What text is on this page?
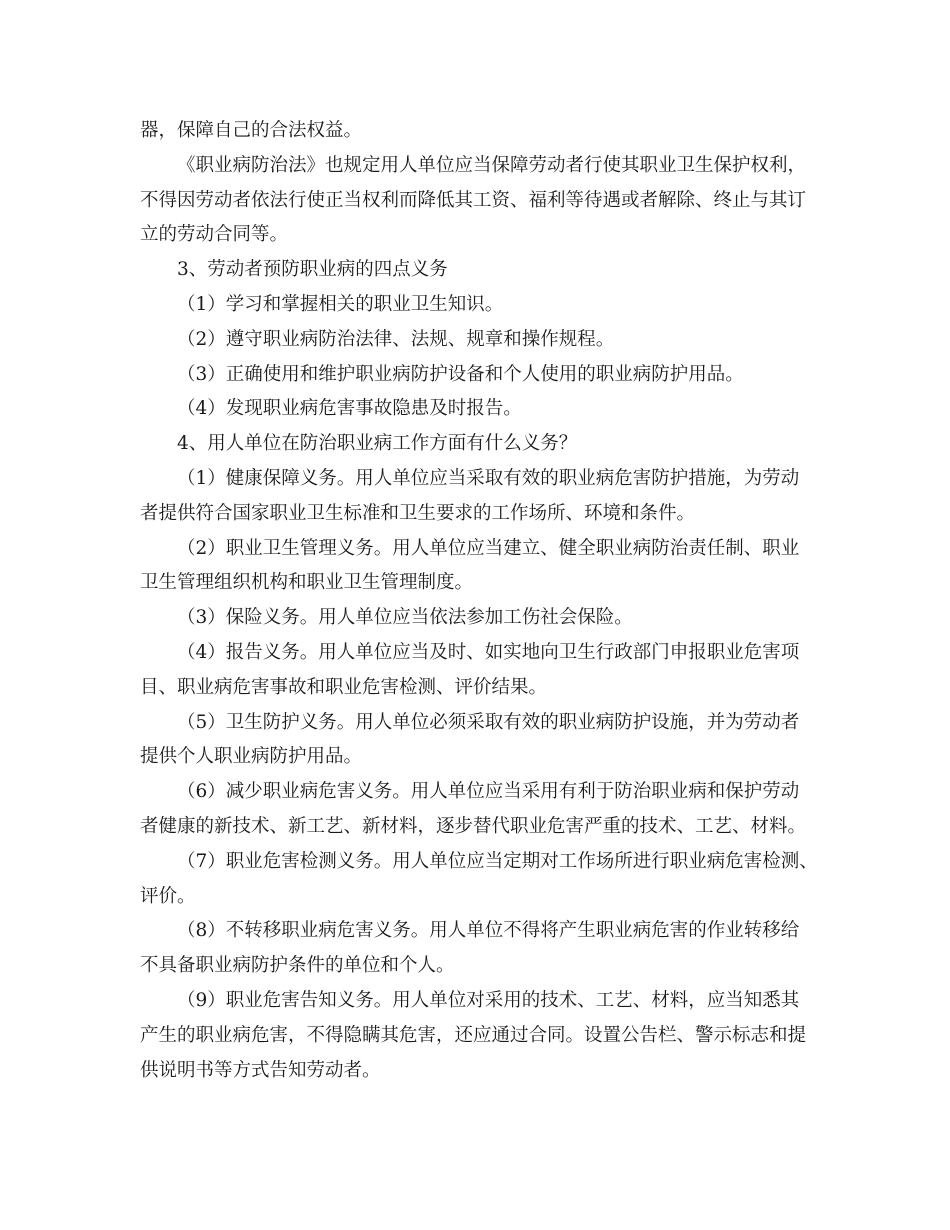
器，保障自己的合法权益。
《职业病防治法》也规定用人单位应当保障劳动者行使其职业卫生保护权利，
不得因劳动者依法行使正当权利而降低其工资、福利等待遇或者解除、终止与其订
立的劳动合同等。
3、劳动者预防职业病的四点义务
（1）学习和掌握相关的职业卫生知识。
（2）遵守职业病防治法律、法规、规章和操作规程。
（3）正确使用和维护职业病防护设备和个人使用的职业病防护用品。
（4）发现职业病危害事故隐患及时报告。
4、用人单位在防治职业病工作方面有什么义务？
（1）健康保障义务。用人单位应当采取有效的职业病危害防护措施，为劳动
者提供符合国家职业卫生标准和卫生要求的工作场所、环境和条件。
（2）职业卫生管理义务。用人单位应当建立、健全职业病防治责任制、职业
卫生管理组织机构和职业卫生管理制度。
（3）保险义务。用人单位应当依法参加工伤社会保险。
（4）报告义务。用人单位应当及时、如实地向卫生行政部门申报职业危害项
目、职业病危害事故和职业危害检测、评价结果。
（5）卫生防护义务。用人单位必须采取有效的职业病防护设施，并为劳动者
提供个人职业病防护用品。
（6）减少职业病危害义务。用人单位应当采用有利于防治职业病和保护劳动
者健康的新技术、新工艺、新材料，逐步替代职业危害严重的技术、工艺、材料。
（7）职业危害检测义务。用人单位应当定期对工作场所进行职业病危害检测、
评价。
（8）不转移职业病危害义务。用人单位不得将产生职业病危害的作业转移给
不具备职业病防护条件的单位和个人。
（9）职业危害告知义务。用人单位对采用的技术、工艺、材料，应当知悉其
产生的职业病危害，不得隐瞒其危害，还应通过合同。设置公告栏、警示标志和提
供说明书等方式告知劳动者。
